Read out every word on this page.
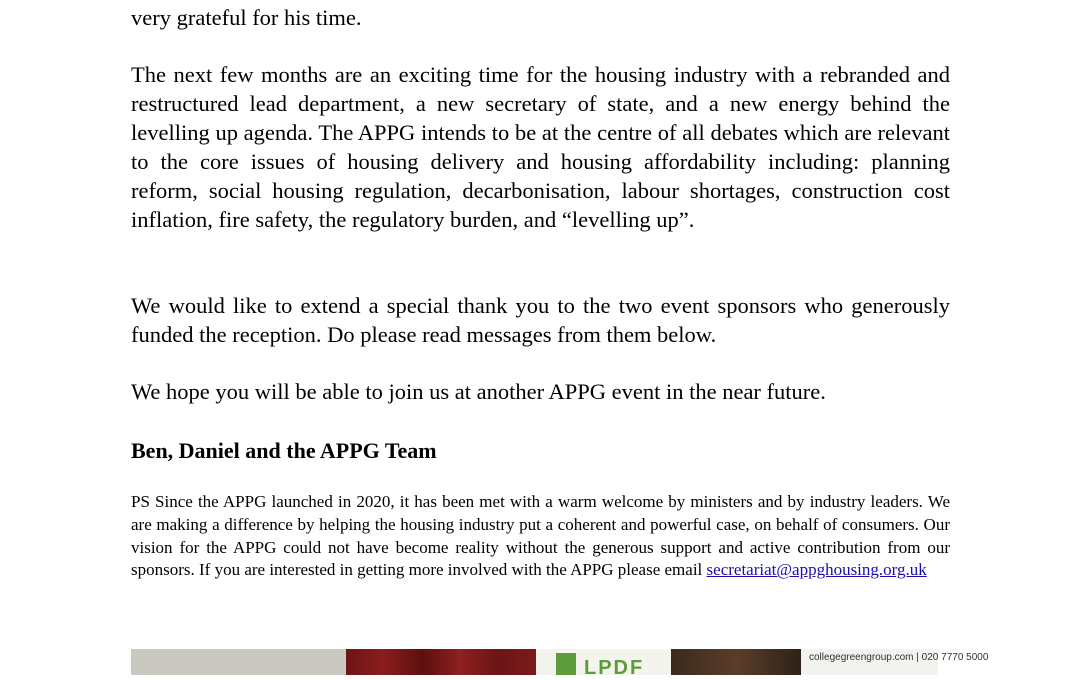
very grateful for his time.

The next few months are an exciting time for the housing industry with a rebranded and restructured lead department, a new secretary of state, and a new energy behind the levelling up agenda. The APPG intends to be at the centre of all debates which are relevant to the core issues of housing delivery and housing affordability including: planning reform, social housing regulation, decarbonisation, labour shortages, construction cost inflation, fire safety, the regulatory burden, and “levelling up”.

We would like to extend a special thank you to the two event sponsors who generously funded the reception. Do please read messages from them below.

We hope you will be able to join us at another APPG event in the near future.

Ben, Daniel and the APPG Team

PS Since the APPG launched in 2020, it has been met with a warm welcome by ministers and by industry leaders. We are making a difference by helping the housing industry put a coherent and powerful case, on behalf of consumers. Our vision for the APPG could not have become reality without the generous support and active contribution from our sponsors. If you are interested in getting more involved with the APPG please email secretariat@appghousing.org.uk

LPDF	collegegreengroup.com | 020 7770 5000
